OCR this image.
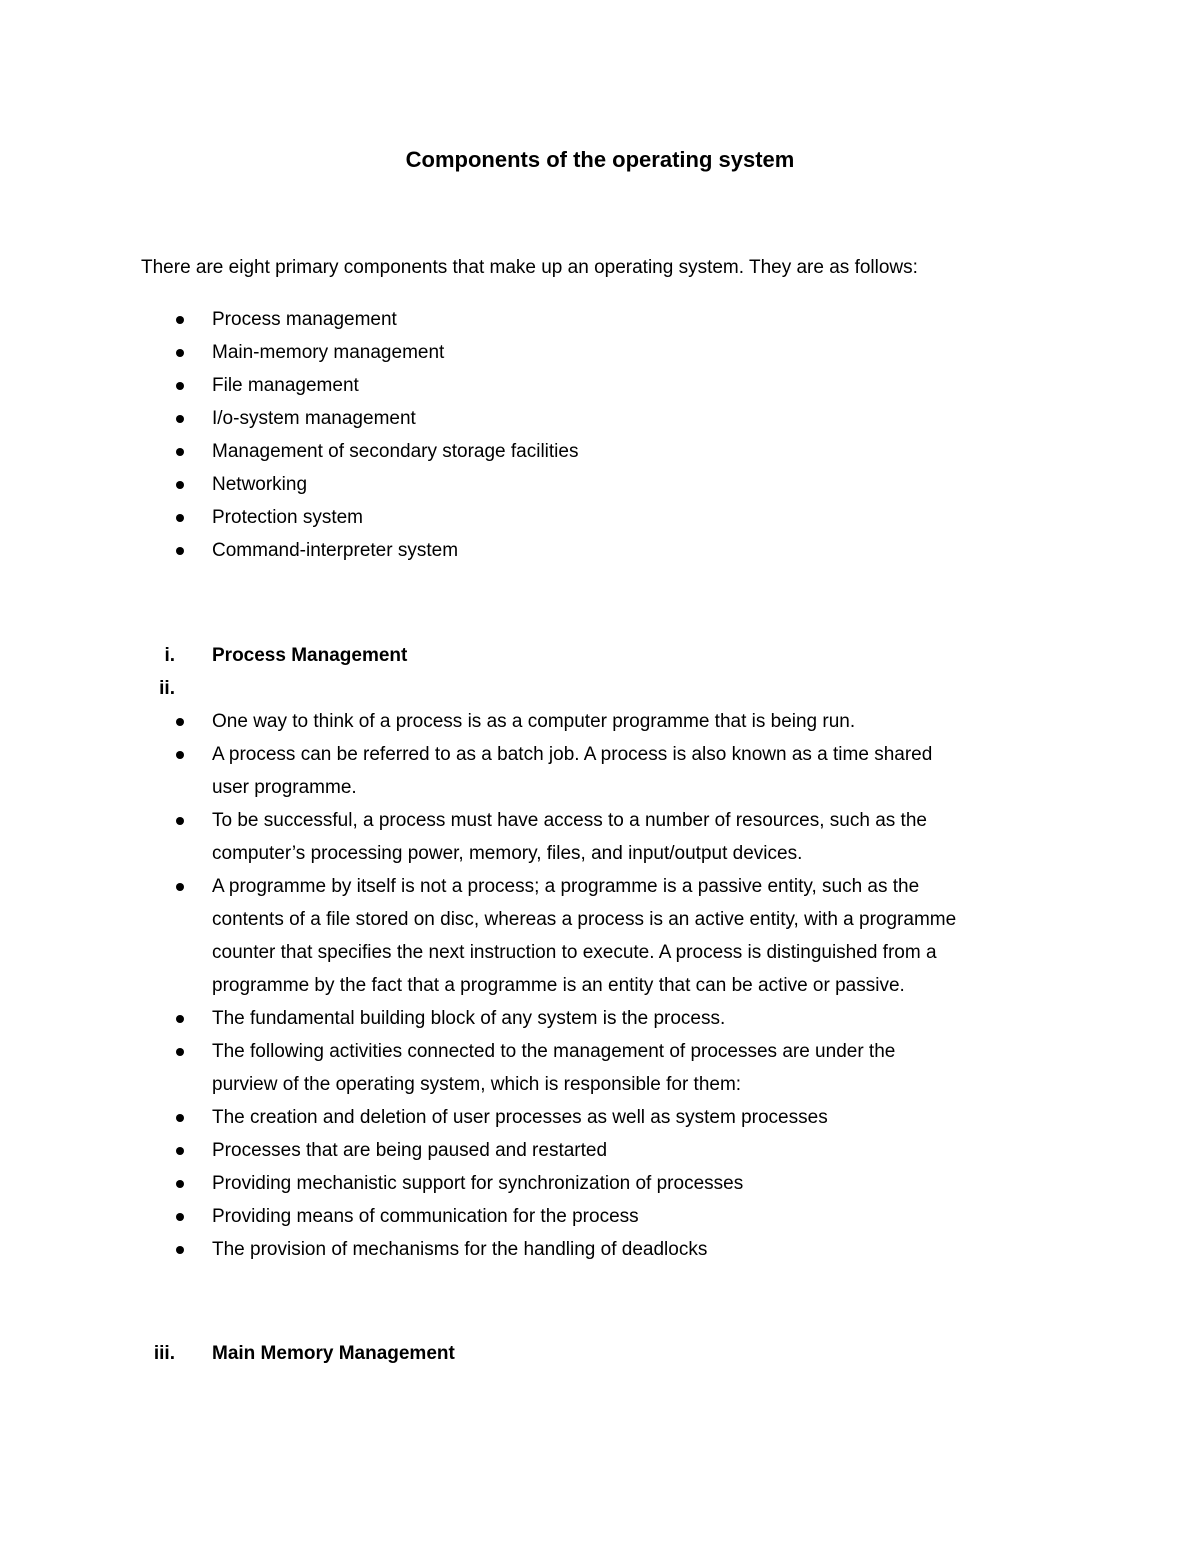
Components of the operating system
There are eight primary components that make up an operating system. They are as follows:
Process management
Main-memory management
File management
I/o-system management
Management of secondary storage facilities
Networking
Protection system
Command-interpreter system
i. Process Management
ii.
One way to think of a process is as a computer programme that is being run.
A process can be referred to as a batch job. A process is also known as a time shared
user programme.
To be successful, a process must have access to a number of resources, such as the
computer’s processing power, memory, files, and input/output devices.
A programme by itself is not a process; a programme is a passive entity, such as the
contents of a file stored on disc, whereas a process is an active entity, with a programme
counter that specifies the next instruction to execute. A process is distinguished from a
programme by the fact that a programme is an entity that can be active or passive.
The fundamental building block of any system is the process.
The following activities connected to the management of processes are under the
purview of the operating system, which is responsible for them:
The creation and deletion of user processes as well as system processes
Processes that are being paused and restarted
Providing mechanistic support for synchronization of processes
Providing means of communication for the process
The provision of mechanisms for the handling of deadlocks
iii. Main Memory Management
